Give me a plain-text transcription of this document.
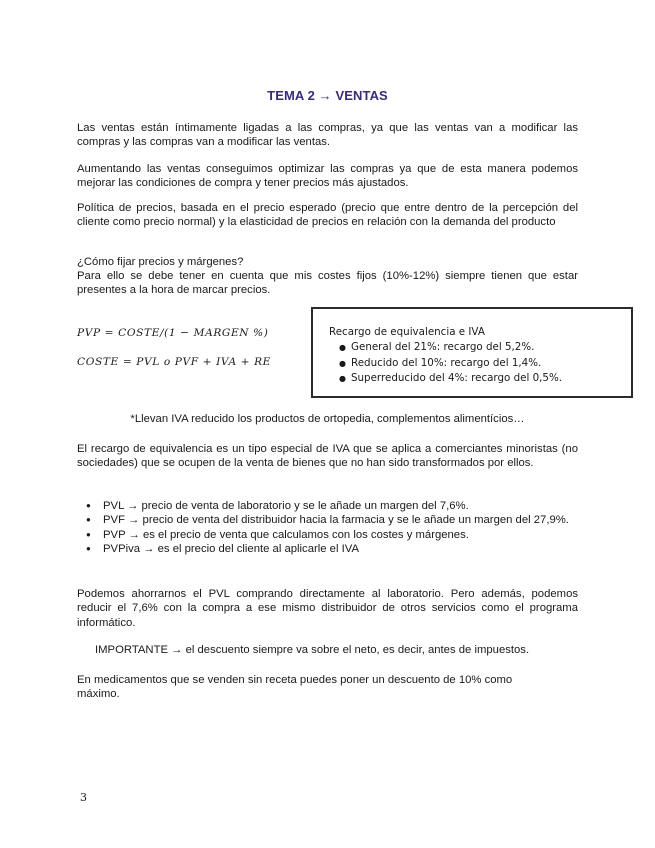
TEMA 2 → VENTAS

Las ventas están íntimamente ligadas a las compras, ya que las ventas van a modificar las compras y las compras van a modificar las ventas.

Aumentando las ventas conseguimos optimizar las compras ya que de esta manera podemos mejorar las condiciones de compra y tener precios más ajustados.

Política de precios, basada en el precio esperado (precio que entre dentro de la percepción del cliente como precio normal) y la elasticidad de precios en relación con la demanda del producto

¿Cómo fijar precios y márgenes?

Para ello se debe tener en cuenta que mis costes fijos (10%-12%) siempre tienen que estar presentes a la hora de marcar precios.

PVP = COSTE/(1 − MARGEN %)
COSTE = PVL o PVF + IVA + RE
Recargo de equivalencia e IVA
● General del 21%: recargo del 5,2%.
● Reducido del 10%: recargo del 1,4%.
● Superreducido del 4%: recargo del 0,5%.
*Llevan IVA reducido los productos de ortopedia, complementos alimentícios…

El recargo de equivalencia es un tipo especial de IVA que se aplica a comerciantes minoristas (no sociedades) que se ocupen de la venta de bienes que no han sido transformados por ellos.

● PVL → precio de venta de laboratorio y se le añade un margen del 7,6%.
● PVF → precio de venta del distribuidor hacia la farmacia y se le añade un margen del 27,9%.
● PVP → es el precio de venta que calculamos con los costes y márgenes.
● PVPiva → es el precio del cliente al aplicarle el IVA

Podemos ahorrarnos el PVL comprando directamente al laboratorio. Pero además, podemos reducir el 7,6% con la compra a ese mismo distribuidor de otros servicios como el programa informático.

IMPORTANTE → el descuento siempre va sobre el neto, es decir, antes de impuestos.

En medicamentos que se venden sin receta puedes poner un descuento de 10% como máximo.

3
